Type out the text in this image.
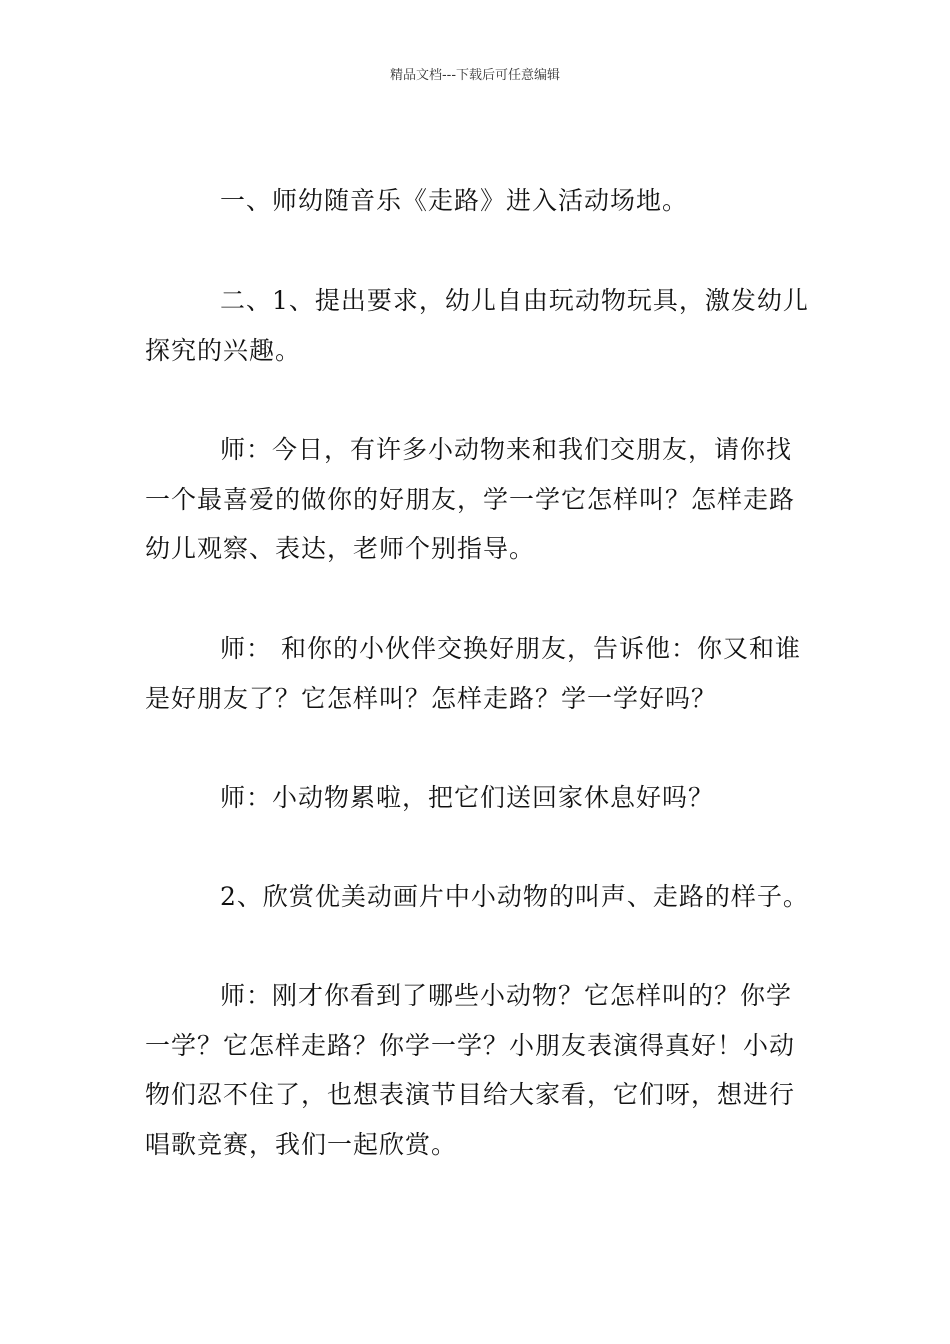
精品文档---下载后可任意编辑

一、师幼随音乐《走路》进入活动场地。

二、1、提出要求，幼儿自由玩动物玩具，激发幼儿探究的兴趣。

师：今日，有许多小动物来和我们交朋友，请你找一个最喜爱的做你的好朋友，学一学它怎样叫？怎样走路幼儿观察、表达，老师个别指导。

师： 和你的小伙伴交换好朋友，告诉他：你又和谁是好朋友了？它怎样叫？怎样走路？学一学好吗？

师：小动物累啦，把它们送回家休息好吗？

2、欣赏优美动画片中小动物的叫声、走路的样子。

师：刚才你看到了哪些小动物？它怎样叫的？你学一学？它怎样走路？你学一学？小朋友表演得真好！小动物们忍不住了，也想表演节目给大家看，它们呀，想进行唱歌竞赛，我们一起欣赏。
